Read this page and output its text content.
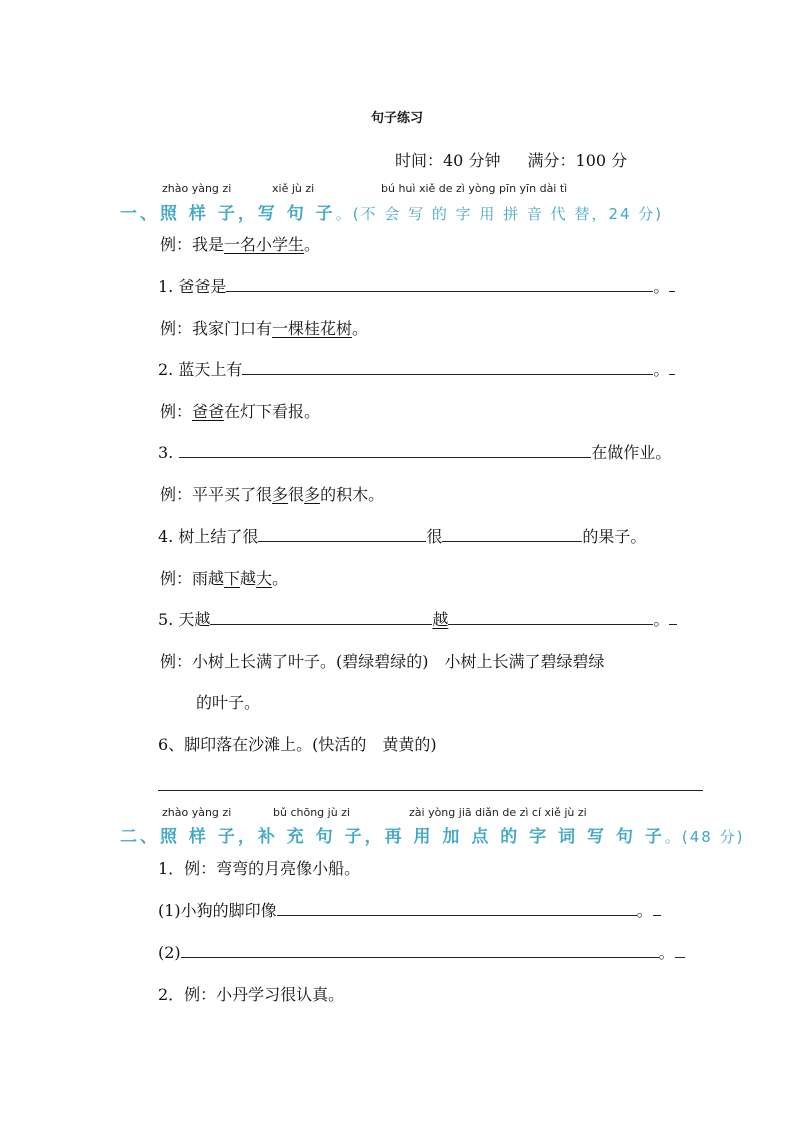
句子练习
时间：40 分钟 满分：100 分
zhào yàng zi	xiě jù zi	bú huì xiě de zì yòng pīn yīn dài tì
一、照 样 子，写 句 子。(不 会 写 的 字 用 拼 音 代 替，24 分)
例：我是一名小学生。
1. 爸爸是	。
例：我家门口有一棵桂花树。
2. 蓝天上有	。
例：爸爸在灯下看报。
3.	在做作业。
例：平平买了很多很多的积木。
4. 树上结了很	很	的果子。
例：雨越下越大。
5. 天越	越	。
例：小树上长满了叶子。(碧绿碧绿的)　小树上长满了碧绿碧绿
的叶子。
6、脚印落在沙滩上。(快活的　黄黄的)
zhào yàng zi	bǔ chōng jù zi	zài yòng jiā diǎn de zì cí xiě jù zi
二、照 样 子，补 充 句 子，再 用 加 点 的 字 词 写 句 子。(48 分)
1．例：弯弯的月亮像小船。
(1)小狗的脚印像	。
(2)	。
2．例：小丹学习很认真。
